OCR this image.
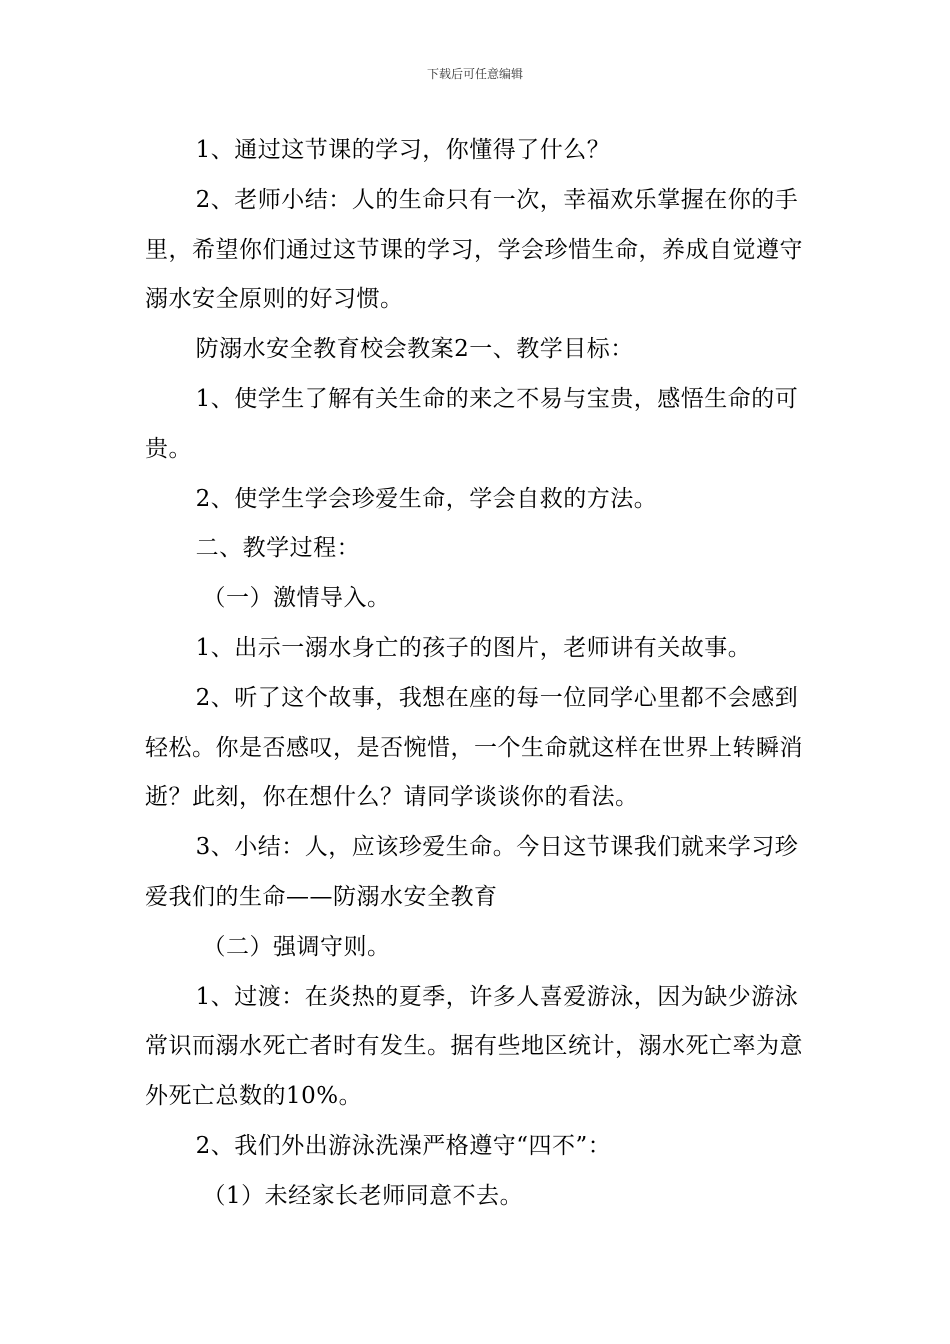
下载后可任意编辑

1、通过这节课的学习，你懂得了什么？

2、老师小结：人的生命只有一次，幸福欢乐掌握在你的手里，希望你们通过这节课的学习，学会珍惜生命，养成自觉遵守溺水安全原则的好习惯。

防溺水安全教育校会教案2一、教学目标：

1、使学生了解有关生命的来之不易与宝贵，感悟生命的可贵。

2、使学生学会珍爱生命，学会自救的方法。

二、教学过程：

（一）激情导入。

1、出示一溺水身亡的孩子的图片，老师讲有关故事。

2、听了这个故事，我想在座的每一位同学心里都不会感到轻松。你是否感叹，是否惋惜，一个生命就这样在世界上转瞬消逝？此刻，你在想什么？请同学谈谈你的看法。

3、小结：人，应该珍爱生命。今日这节课我们就来学习珍爱我们的生命——防溺水安全教育

（二）强调守则。

1、过渡：在炎热的夏季，许多人喜爱游泳，因为缺少游泳常识而溺水死亡者时有发生。据有些地区统计，溺水死亡率为意外死亡总数的10%。

2、我们外出游泳洗澡严格遵守“四不”：

（1）未经家长老师同意不去。
